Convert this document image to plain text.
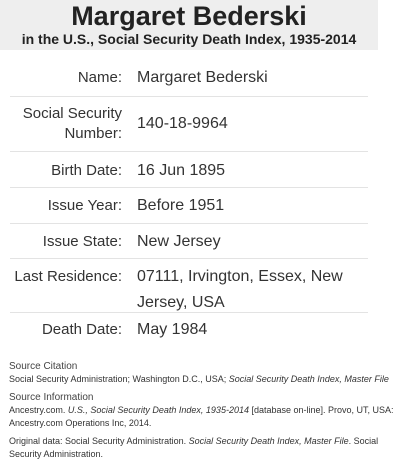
Margaret Bederski
in the U.S., Social Security Death Index, 1935-2014
Name: Margaret Bederski
Social Security
Number:
140-18-9964
Birth Date: 16 Jun 1895
Issue Year: Before 1951
Issue State: New Jersey
Last Residence: 07111, Irvington, Essex, New
Jersey, USA
Death Date: May 1984
Source Citation

Social Security Administration; Washington D.C., USA; Social Security Death Index, Master File

Source Information

Ancestry.com. U.S., Social Security Death Index, 1935-2014 [database on-line]. Provo, UT, USA: Ancestry.com Operations Inc, 2014.

Original data: Social Security Administration. Social Security Death Index, Master File. Social Security Administration.
